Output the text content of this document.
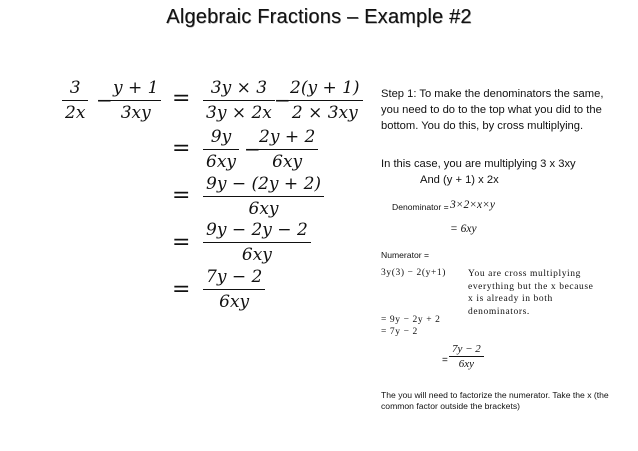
Algebraic Fractions – Example #2
$\frac{3}{2x}$ −
$\frac{y + 1}{3xy} = \frac{3y \times 3}{3y \times 2x}$ −
$\frac{2(y + 1)}{2 \times 3xy}$
= $\frac{9y}{6xy}$ −
$\frac{2y + 2}{6xy}$
= $\frac{9y - (2y + 2)}{6xy}$
= $\frac{9y - 2y - 2}{6xy}$
= $\frac{7y - 2}{6xy}$
Step 1: To make the denominators the same, you need to do to the top what you did to the bottom. You do this, by cross multiplying.
In this case, you are multiplying 3 x 3xy
And (y + 1) x 2x
Denominator = 3×2×x×y
= 6xy
Numerator =
3y(3) − 2(y+1) You are cross multiplying everything but the x because x is already in both denominators.
= 9y − 2y + 2
= 7y − 2
= $\frac{7y - 2}{6xy}$
The you will need to factorize the numerator. Take the x (the common factor outside the brackets)
